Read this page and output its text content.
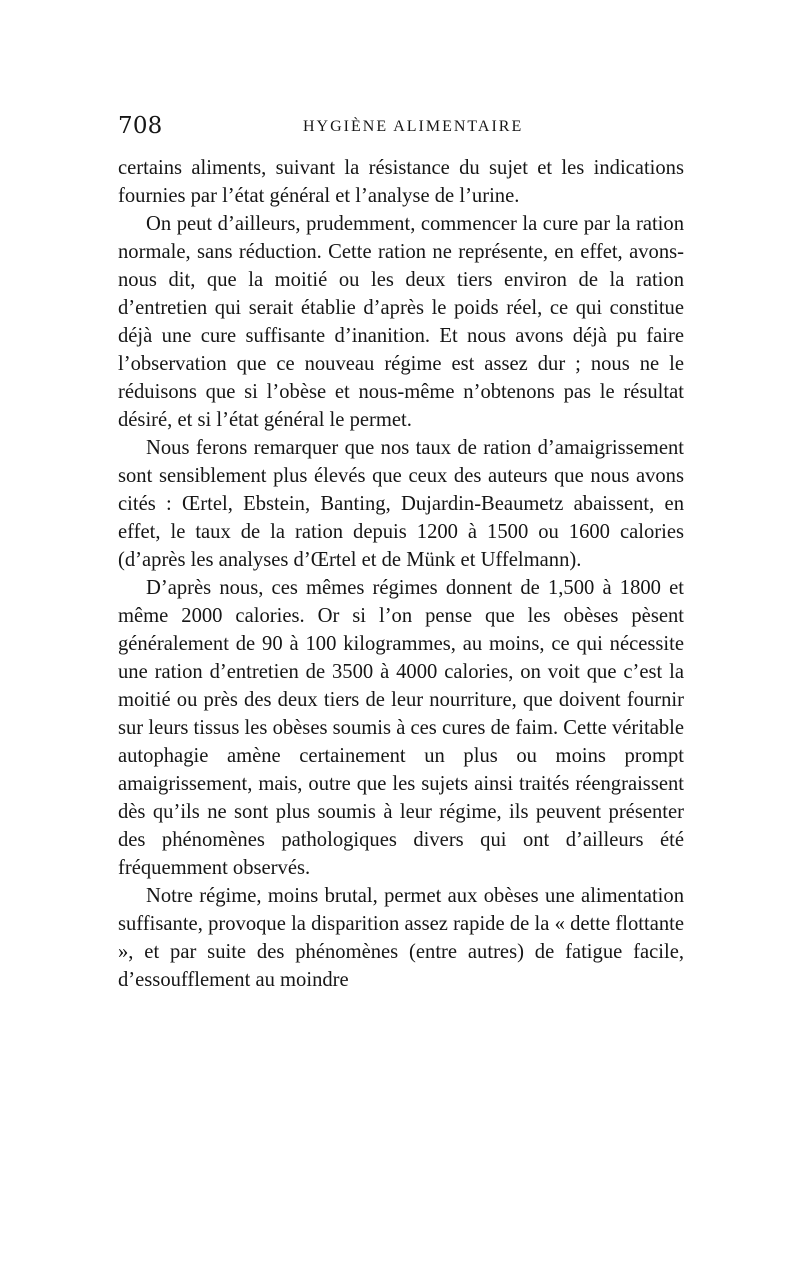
708	HYGIÈNE ALIMENTAIRE

certains aliments, suivant la résistance du sujet et les indications fournies par l’état général et l’analyse de l’urine.

On peut d’ailleurs, prudemment, commencer la cure par la ration normale, sans réduction. Cette ration ne représente, en effet, avons-nous dit, que la moitié ou les deux tiers environ de la ration d’entretien qui serait établie d’après le poids réel, ce qui constitue déjà une cure suffisante d’inanition. Et nous avons déjà pu faire l’observation que ce nouveau régime est assez dur ; nous ne le réduisons que si l’obèse et nous-même n’obtenons pas le résultat désiré, et si l’état général le permet.

Nous ferons remarquer que nos taux de ration d’amaigrissement sont sensiblement plus élevés que ceux des auteurs que nous avons cités : Œrtel, Ebstein, Banting, Dujardin-Beaumetz abaissent, en effet, le taux de la ration depuis 1200 à 1500 ou 1600 calories (d’après les analyses d’Œrtel et de Münk et Uffelmann).

D’après nous, ces mêmes régimes donnent de 1,500 à 1800 et même 2000 calories. Or si l’on pense que les obèses pèsent généralement de 90 à 100 kilogrammes, au moins, ce qui nécessite une ration d’entretien de 3500 à 4000 calories, on voit que c’est la moitié ou près des deux tiers de leur nourriture, que doivent fournir sur leurs tissus les obèses soumis à ces cures de faim. Cette véritable autophagie amène certainement un plus ou moins prompt amaigrissement, mais, outre que les sujets ainsi traités réengraissent dès qu’ils ne sont plus soumis à leur régime, ils peuvent présenter des phénomènes pathologiques divers qui ont d’ailleurs été fréquemment observés.

Notre régime, moins brutal, permet aux obèses une alimentation suffisante, provoque la disparition assez rapide de la « dette flottante », et par suite des phénomènes (entre autres) de fatigue facile, d’essoufflement au moindre
